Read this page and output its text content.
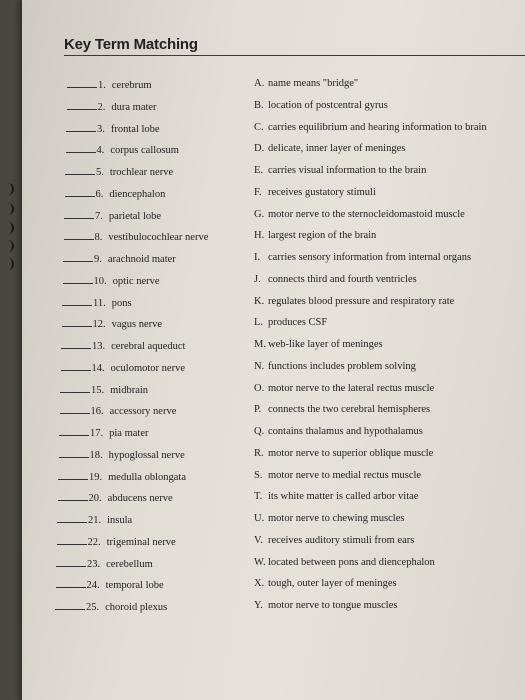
Key Term Matching
1. cerebrum
2. dura mater
3. frontal lobe
4. corpus callosum
5. trochlear nerve
6. diencephalon
7. parietal lobe
8. vestibulocochlear nerve
9. arachnoid mater
10. optic nerve
11. pons
12. vagus nerve
13. cerebral aqueduct
14. oculomotor nerve
15. midbrain
16. accessory nerve
17. pia mater
18. hypoglossal nerve
19. medulla oblongata
20. abducens nerve
21. insula
22. trigeminal nerve
23. cerebellum
24. temporal lobe
25. choroid plexus
A. name means "bridge"
B. location of postcentral gyrus
C. carries equilibrium and hearing information to brain
D. delicate, inner layer of meninges
E. carries visual information to the brain
F. receives gustatory stimuli
G. motor nerve to the sternocleidomastoid muscle
H. largest region of the brain
I. carries sensory information from internal organs
J. connects third and fourth ventricles
K. regulates blood pressure and respiratory rate
L. produces CSF
M. web-like layer of meninges
N. functions includes problem solving
O. motor nerve to the lateral rectus muscle
P. connects the two cerebral hemispheres
Q. contains thalamus and hypothalamus
R. motor nerve to superior oblique muscle
S. motor nerve to medial rectus muscle
T. its white matter is called arbor vitae
U. motor nerve to chewing muscles
V. receives auditory stimuli from ears
W. located between pons and diencephalon
X. tough, outer layer of meninges
Y. motor nerve to tongue muscles
